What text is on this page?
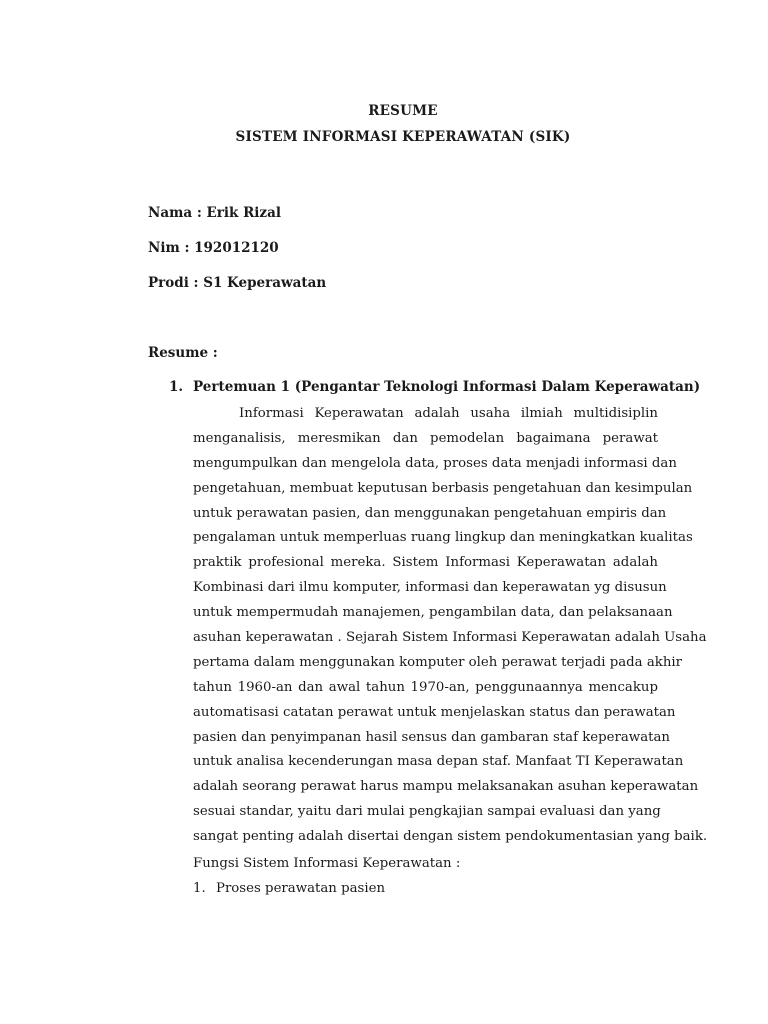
RESUME
SISTEM INFORMASI KEPERAWATAN (SIK)
Nama : Erik Rizal
Nim : 192012120
Prodi : S1 Keperawatan
Resume :
1. Pertemuan 1 (Pengantar Teknologi Informasi Dalam Keperawatan)
Informasi Keperawatan adalah usaha ilmiah multidisiplin
menganalisis, meresmikan dan pemodelan bagaimana perawat
mengumpulkan dan mengelola data, proses data menjadi informasi dan
pengetahuan, membuat keputusan berbasis pengetahuan dan kesimpulan
untuk perawatan pasien, dan menggunakan pengetahuan empiris dan
pengalaman untuk memperluas ruang lingkup dan meningkatkan kualitas
praktik profesional mereka. Sistem Informasi Keperawatan adalah
Kombinasi dari ilmu komputer, informasi dan keperawatan yg disusun
untuk mempermudah manajemen, pengambilan data, dan pelaksanaan
asuhan keperawatan . Sejarah Sistem Informasi Keperawatan adalah Usaha
pertama dalam menggunakan komputer oleh perawat terjadi pada akhir
tahun 1960-an dan awal tahun 1970-an, penggunaannya mencakup
automatisasi catatan perawat untuk menjelaskan status dan perawatan
pasien dan penyimpanan hasil sensus dan gambaran staf keperawatan
untuk analisa kecenderungan masa depan staf. Manfaat TI Keperawatan
adalah seorang perawat harus mampu melaksanakan asuhan keperawatan
sesuai standar, yaitu dari mulai pengkajian sampai evaluasi dan yang
sangat penting adalah disertai dengan sistem pendokumentasian yang baik.
Fungsi Sistem Informasi Keperawatan :
1. Proses perawatan pasien
